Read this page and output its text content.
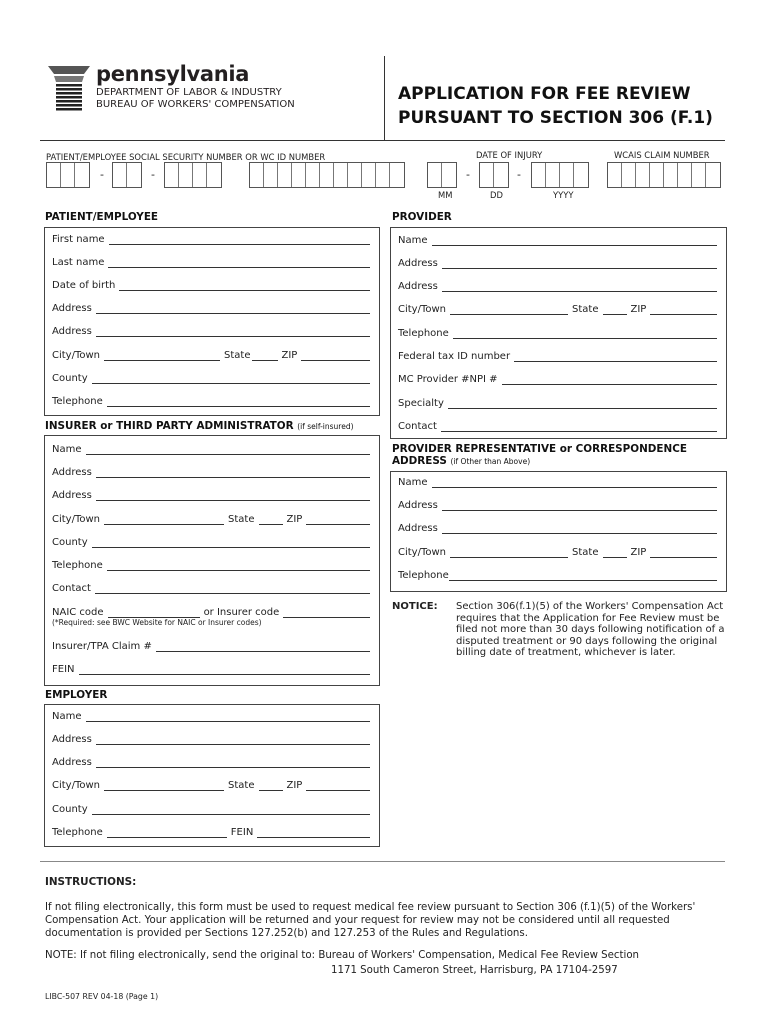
pennsylvania
DEPARTMENT OF LABOR & INDUSTRY
BUREAU OF WORKERS' COMPENSATION
APPLICATION FOR FEE REVIEW
PURSUANT TO SECTION 306 (F.1)
PATIENT/EMPLOYEE SOCIAL SECURITY NUMBER OR WC ID NUMBER	DATE OF INJURY	WCAIS CLAIM NUMBER
-	-	-	-
MM	DD	YYYY
PATIENT/EMPLOYEE
First name
Last name
Date of birth
Address
Address
City/Town	State	ZIP
County
Telephone
PROVIDER
Name
Address
Address
City/Town	State	ZIP
Telephone
Federal tax ID number
MC Provider #NPI #
Specialty
Contact
INSURER or THIRD PARTY ADMINISTRATOR (if self-insured)
Name
Address
Address
City/Town	State	ZIP
County
Telephone
Contact
NAIC code	or Insurer code
(*Required: see BWC Website for NAIC or Insurer codes)
Insurer/TPA Claim #
FEIN
PROVIDER REPRESENTATIVE or CORRESPONDENCE
ADDRESS (if Other than Above)
Name
Address
Address
City/Town	State	ZIP
Telephone
NOTICE: Section 306(f.1)(5) of the Workers' Compensation Act requires that the Application for Fee Review must be filed not more than 30 days following notification of a disputed treatment or 90 days following the original billing date of treatment, whichever is later.
EMPLOYER
Name
Address
Address
City/Town	State	ZIP
County
Telephone	FEIN
INSTRUCTIONS:
If not filing electronically, this form must be used to request medical fee review pursuant to Section 306 (f.1)(5) of the Workers' Compensation Act. Your application will be returned and your request for review may not be considered until all requested documentation is provided per Sections 127.252(b) and 127.253 of the Rules and Regulations.
NOTE: If not filing electronically, send the original to: Bureau of Workers' Compensation, Medical Fee Review Section
1171 South Cameron Street, Harrisburg, PA 17104-2597
LIBC-507 REV 04-18 (Page 1)
